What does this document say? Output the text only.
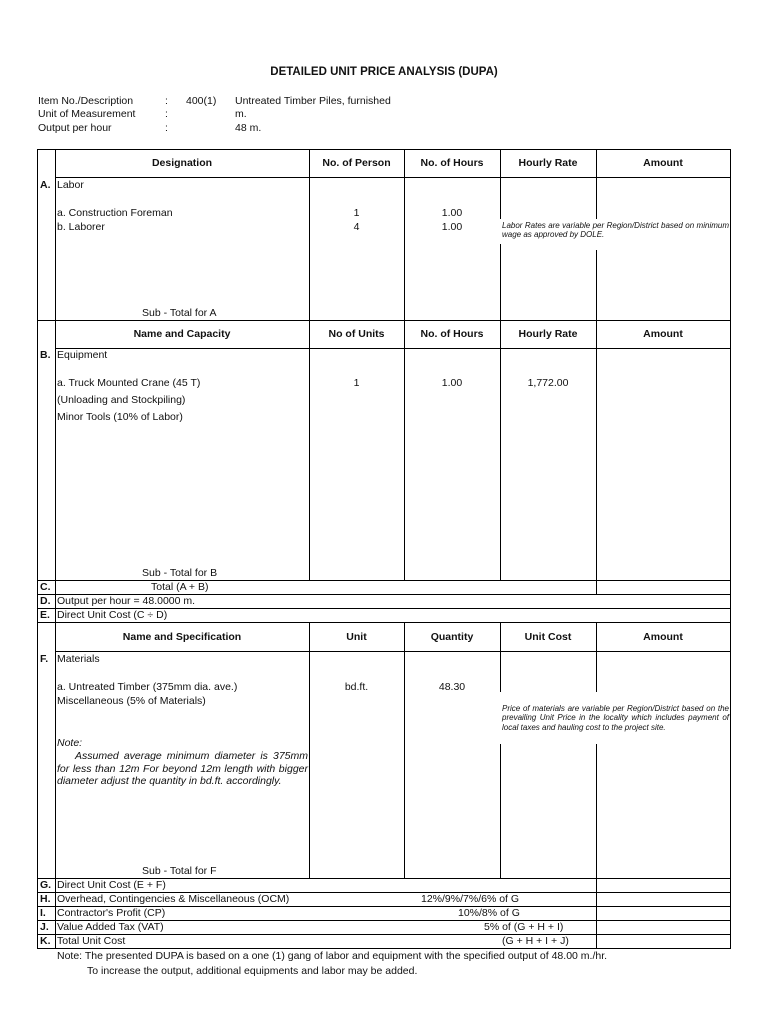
DETAILED UNIT PRICE ANALYSIS (DUPA)
Item No./Description	: 400(1) Untreated Timber Piles, furnished
Unit of Measurement	:	m.
Output per hour	:	48 m.
Designation	No. of Person	No. of Hours	Hourly Rate	Amount
A. Labor
a. Construction Foreman	1	1.00
b. Laborer	4	1.00	Labor Rates are variable per Region/District based on minimum wage as approved by DOLE.
Sub - Total for A
Name and Capacity	No of Units	No. of Hours	Hourly Rate	Amount
B. Equipment
a. Truck Mounted Crane (45 T)	1	1.00	1,772.00
(Unloading and Stockpiling)
Minor Tools (10% of Labor)
Sub - Total for B
C.	Total (A + B)
D. Output per hour = 48.0000 m.
E. Direct Unit Cost (C ÷ D)
Name and Specification	Unit	Quantity	Unit Cost	Amount
F. Materials
a. Untreated Timber (375mm dia. ave.)	bd.ft.	48.30
Miscellaneous (5% of Materials)
Note:
Assumed average minimum diameter is 375mm for less than 12m For beyond 12m length with bigger diameter adjust the quantity in bd.ft. accordingly.
Price of materials are variable per Region/District based on the prevailing Unit Price in the locality which includes payment of local taxes and hauling cost to the project site.
Sub - Total for F
G. Direct Unit Cost (E + F)
H. Overhead, Contingencies & Miscellaneous (OCM)	12%/9%/7%/6% of G
I. Contractor's Profit (CP)	10%/8% of G
J. Value Added Tax (VAT)	5% of (G + H + I)
K. Total Unit Cost	(G + H + I + J)
Note: The presented DUPA is based on a one (1) gang of labor and equipment with the specified output of 48.00 m./hr.
To increase the output, additional equipments and labor may be added.
